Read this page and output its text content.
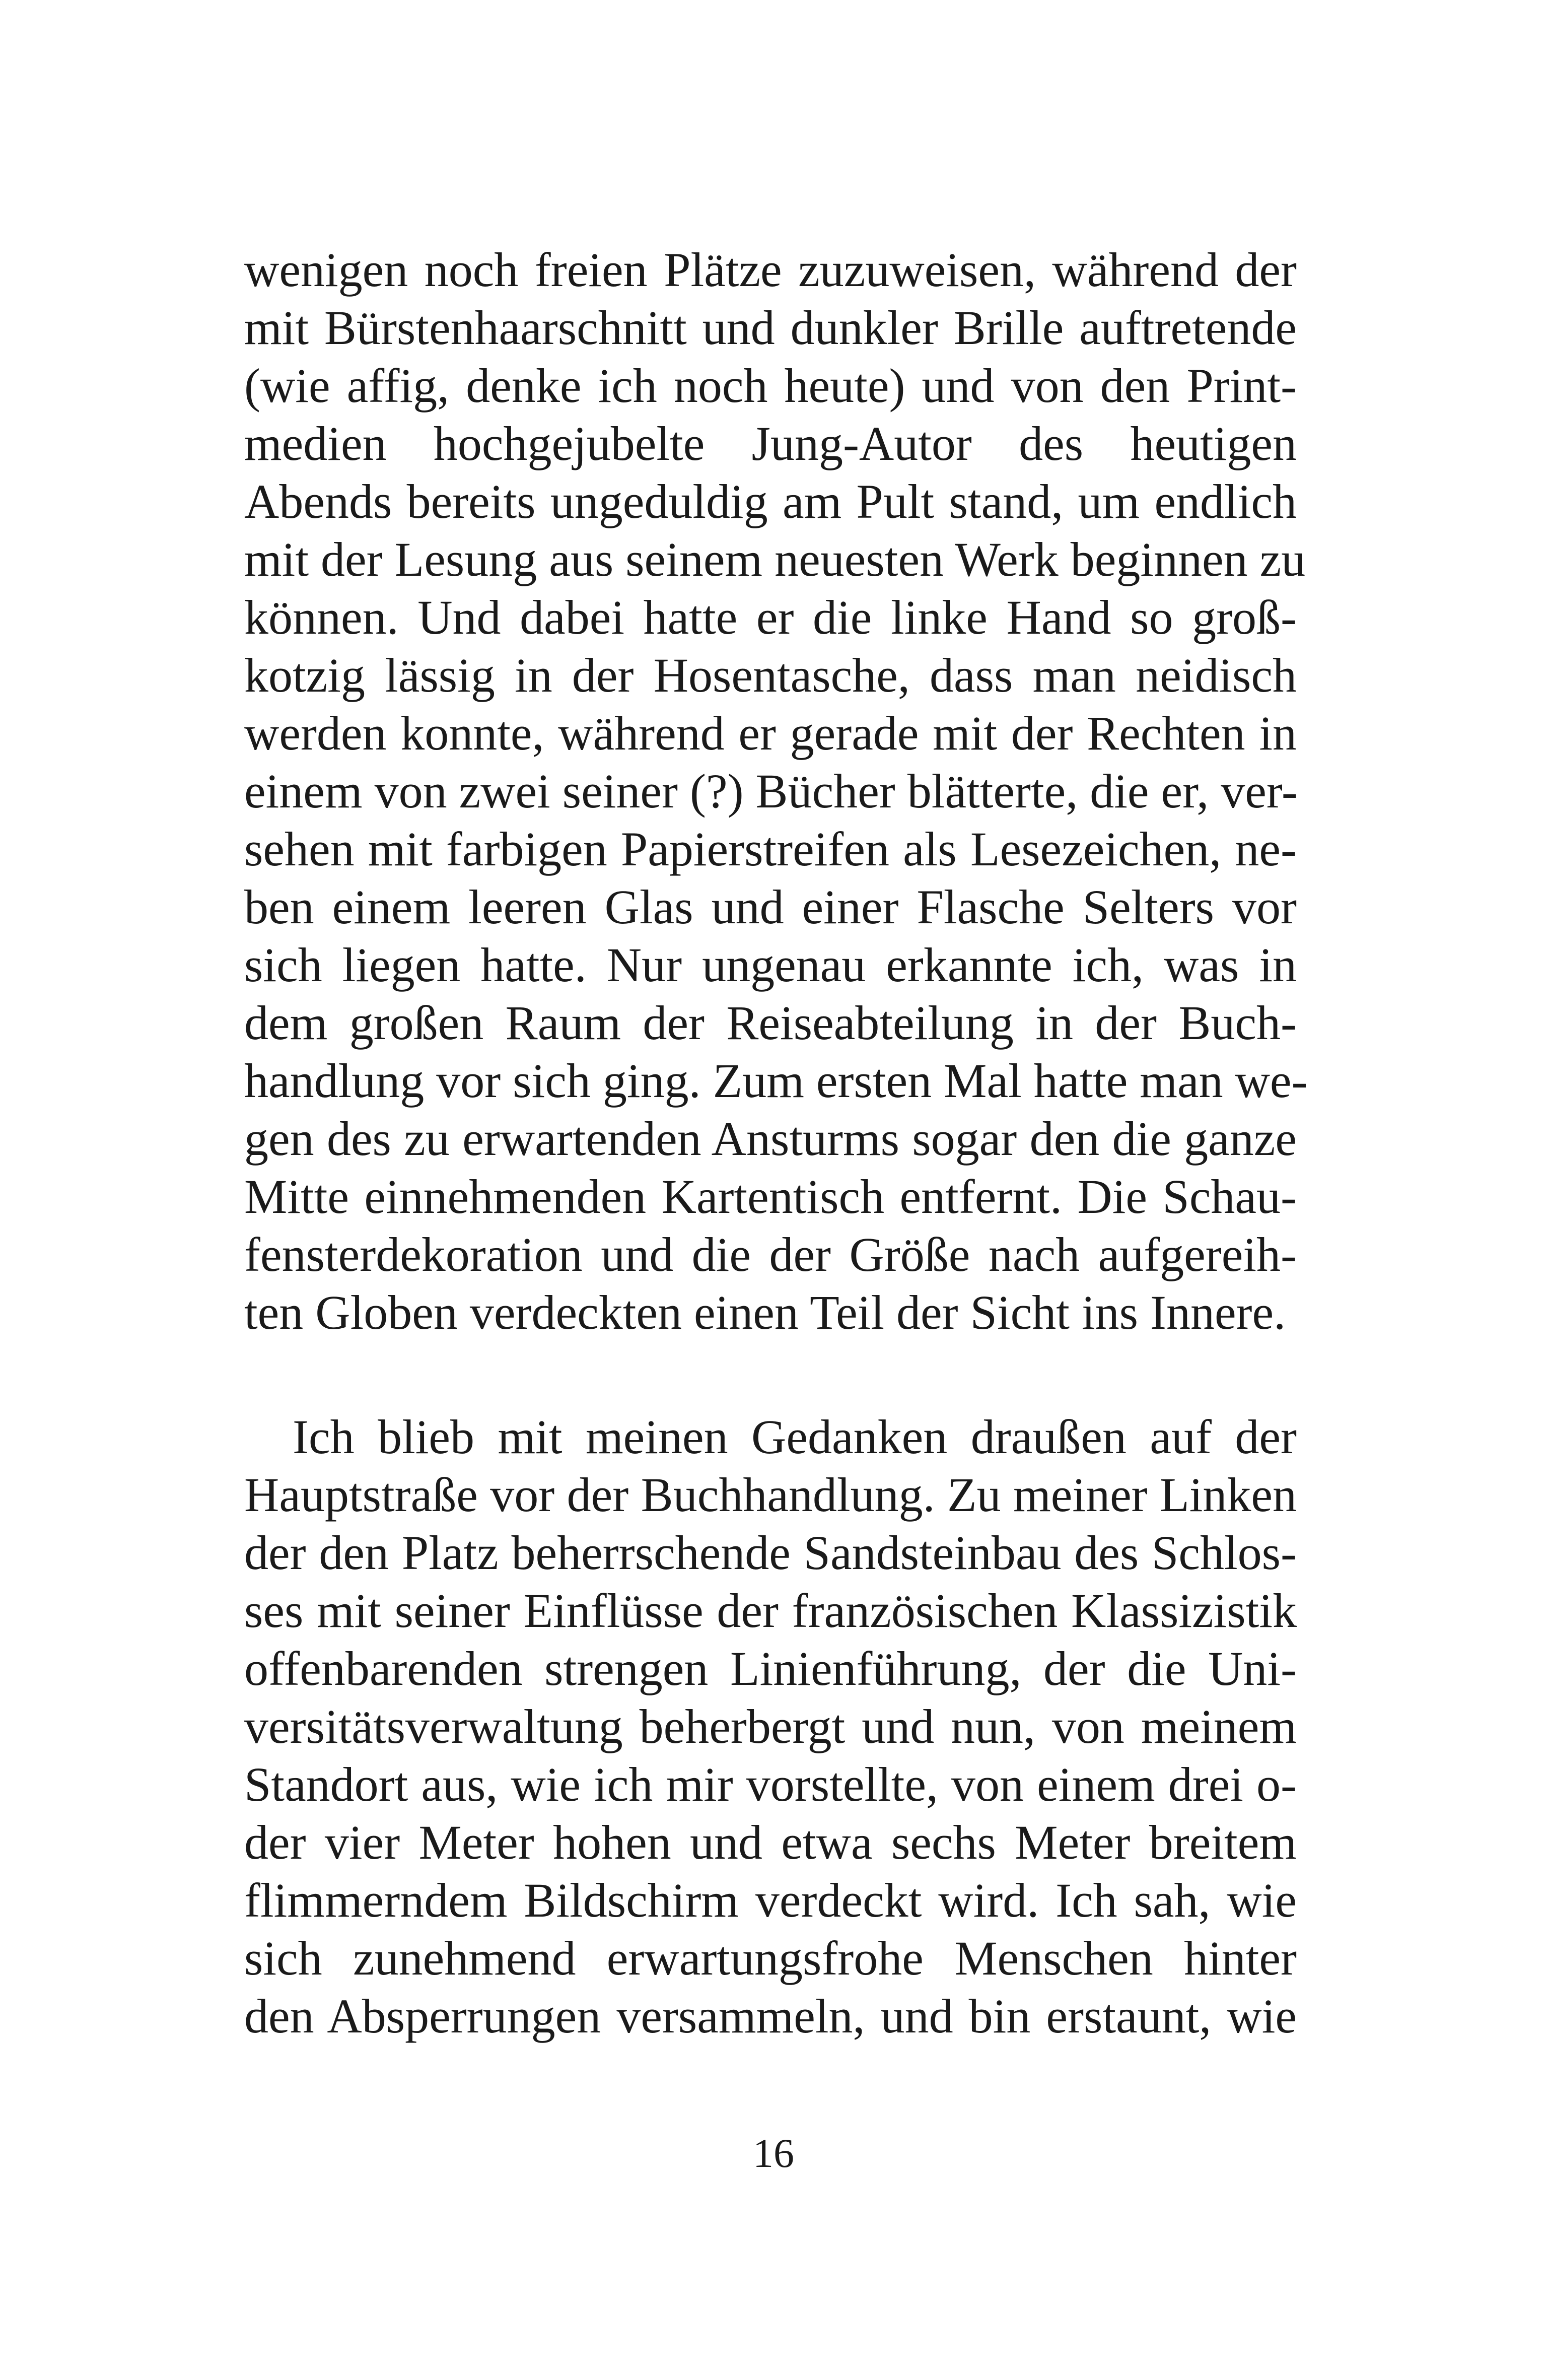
wenigen noch freien Plätze zuzuweisen, während der
mit Bürstenhaarschnitt und dunkler Brille auftretende
(wie affig, denke ich noch heute) und von den Print-
medien hochgejubelte Jung-Autor des heutigen
Abends bereits ungeduldig am Pult stand, um endlich
mit der Lesung aus seinem neuesten Werk beginnen zu
können. Und dabei hatte er die linke Hand so groß-
kotzig lässig in der Hosentasche, dass man neidisch
werden konnte, während er gerade mit der Rechten in
einem von zwei seiner (?) Bücher blätterte, die er, ver-
sehen mit farbigen Papierstreifen als Lesezeichen, ne-
ben einem leeren Glas und einer Flasche Selters vor
sich liegen hatte. Nur ungenau erkannte ich, was in
dem großen Raum der Reiseabteilung in der Buch-
handlung vor sich ging. Zum ersten Mal hatte man we-
gen des zu erwartenden Ansturms sogar den die ganze
Mitte einnehmenden Kartentisch entfernt. Die Schau-
fensterdekoration und die der Größe nach aufgereih-
ten Globen verdeckten einen Teil der Sicht ins Innere.
Ich blieb mit meinen Gedanken draußen auf der
Hauptstraße vor der Buchhandlung. Zu meiner Linken
der den Platz beherrschende Sandsteinbau des Schlos-
ses mit seiner Einflüsse der französischen Klassizistik
offenbarenden strengen Linienführung, der die Uni-
versitätsverwaltung beherbergt und nun, von meinem
Standort aus, wie ich mir vorstellte, von einem drei o-
der vier Meter hohen und etwa sechs Meter breitem
flimmerndem Bildschirm verdeckt wird. Ich sah, wie
sich zunehmend erwartungsfrohe Menschen hinter
den Absperrungen versammeln, und bin erstaunt, wie
16
